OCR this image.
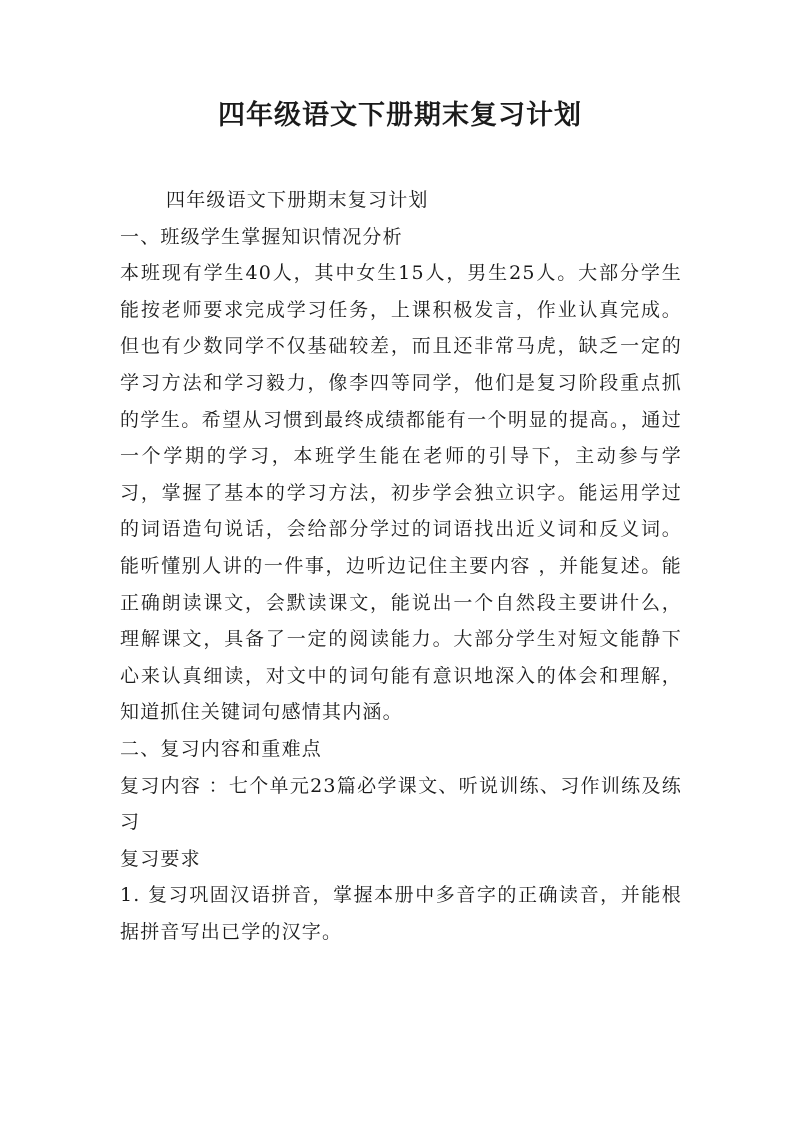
四年级语文下册期末复习计划

四年级语文下册期末复习计划

一、班级学生掌握知识情况分析

本班现有学生40人，其中女生15人，男生25人。大部分学生能按老师要求完成学习任务，上课积极发言，作业认真完成。但也有少数同学不仅基础较差，而且还非常马虎，缺乏一定的学习方法和学习毅力，像李四等同学，他们是复习阶段重点抓的学生。希望从习惯到最终成绩都能有一个明显的提高。，通过一个学期的学习，本班学生能在老师的引导下，主动参与学习，掌握了基本的学习方法，初步学会独立识字。能运用学过的词语造句说话，会给部分学过的词语找出近义词和反义词。能听懂别人讲的一件事，边听边记住主要内容 ，并能复述。能正确朗读课文，会默读课文，能说出一个自然段主要讲什么，理解课文，具备了一定的阅读能力。大部分学生对短文能静下心来认真细读，对文中的词句能有意识地深入的体会和理解，知道抓住关键词句感情其内涵。

二、复习内容和重难点

复习内容 ：七个单元23篇必学课文、听说训练、习作训练及练习

复习要求

1. 复习巩固汉语拼音，掌握本册中多音字的正确读音，并能根据拼音写出已学的汉字。
